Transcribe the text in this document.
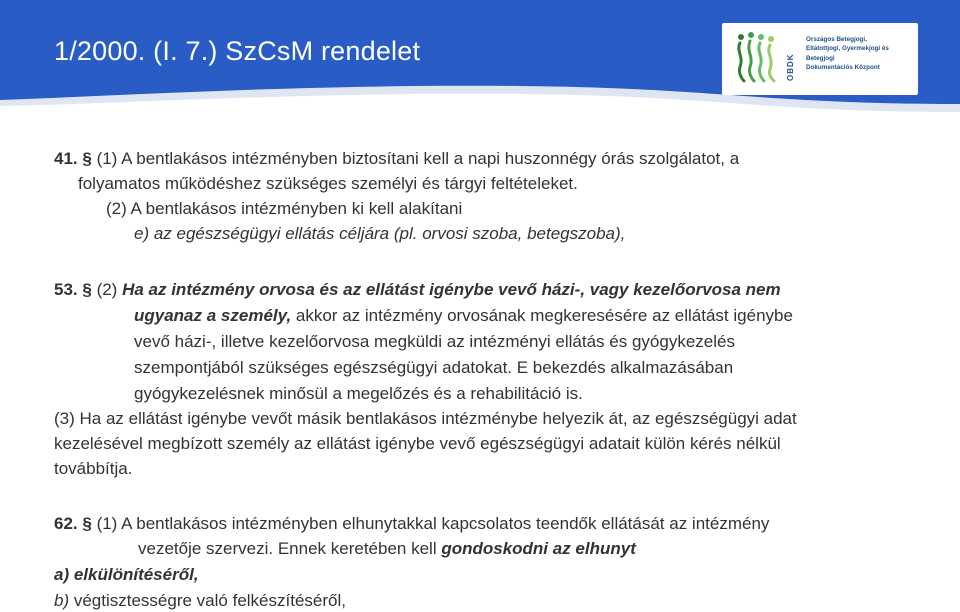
1/2000. (I. 7.) SzCsM rendelet
OBDK
Országos Betegjogi,
Ellátottjogi, Gyermekjogi és
Betegjogi
Dokumentációs Központ
41. § (1) A bentlakásos intézményben biztosítani kell a napi huszonnégy órás szolgálatot, a
folyamatos működéshez szükséges személyi és tárgyi feltételeket.
(2) A bentlakásos intézményben ki kell alakítani
e) az egészségügyi ellátás céljára (pl. orvosi szoba, betegszoba),
53. § (2) Ha az intézmény orvosa és az ellátást igénybe vevő házi-, vagy kezelőorvosa nem
ugyanaz a személy, akkor az intézmény orvosának megkeresésére az ellátást igénybe
vevő házi-, illetve kezelőorvosa megküldi az intézményi ellátás és gyógykezelés
szempontjából szükséges egészségügyi adatokat. E bekezdés alkalmazásában
gyógykezelésnek minősül a megelőzés és a rehabilitáció is.
(3) Ha az ellátást igénybe vevőt másik bentlakásos intézménybe helyezik át, az egészségügyi adat
kezelésével megbízott személy az ellátást igénybe vevő egészségügyi adatait külön kérés nélkül
továbbítja.
62. § (1) A bentlakásos intézményben elhunytakkal kapcsolatos teendők ellátását az intézmény
vezetője szervezi. Ennek keretében kell gondoskodni az elhunyt
a) elkülönítéséről,
b) végtisztességre való felkészítéséről,
